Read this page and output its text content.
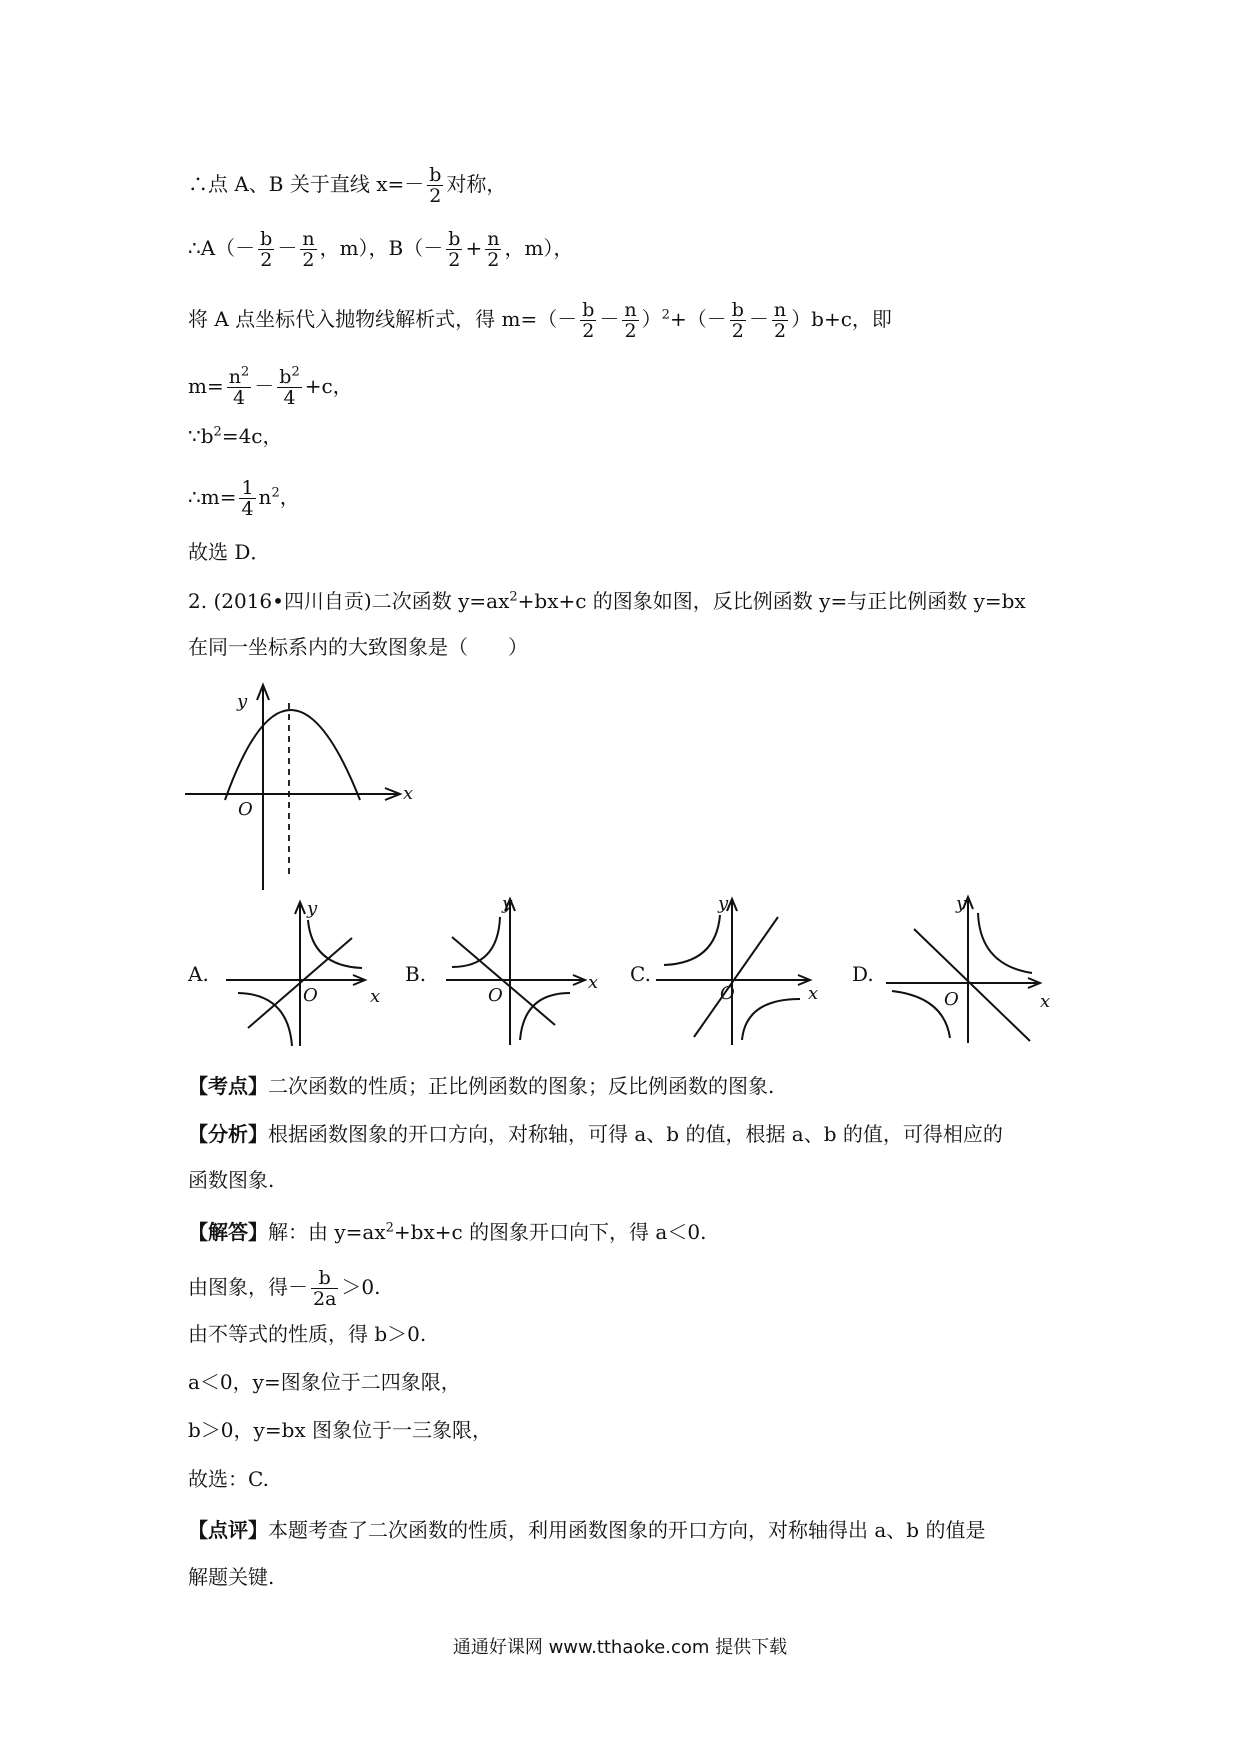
∴点 A、B 关于直线 $x=- \frac{b}{2}$ 对称，
∴A（－ $\frac{b}{2} - \frac{n}{2}$ ，m），$B(- \frac{b}{2} + \frac{n}{2}$ ，m），
将 A 点坐标代入抛物线解析式，得 $m=(- \frac{b}{2} - \frac{n}{2} )^2+(- \frac{b}{2} - \frac{n}{2} )b+c$，即
$m= \frac{n^2}{4} - \frac{b^2}{4} +c$，
$\because b^2=4c$，
∴m= $\frac{1}{4} n^2$，
故选 D．
2. (2016•四川自贡)二次函数 $y=ax^2+bx+c$ 的图象如图，反比例函数 y=与正比例函数 y=bx
在同一坐标系内的大致图象是（　　）
y
x
O
A.
y
x
O
B.
y
x
O
C.
y
x
O
D.
y
x
O
【考点】二次函数的性质；正比例函数的图象；反比例函数的图象.
【分析】根据函数图象的开口方向，对称轴，可得 a、b 的值，根据 a、b 的值，可得相应的
函数图象.
【解答】解：由 $y=ax^2+bx+c$ 的图象开口向下，得 a＜0.
由图象，得－ $\frac{b}{2a} >0$.
由不等式的性质，得 b＞0.
a＜0，y=图象位于二四象限，
b＞0，y=bx 图象位于一三象限，
故选：C.
【点评】本题考查了二次函数的性质，利用函数图象的开口方向，对称轴得出 a、b 的值是
解题关键.
通通好课网 www.tthaoke.com 提供下载
